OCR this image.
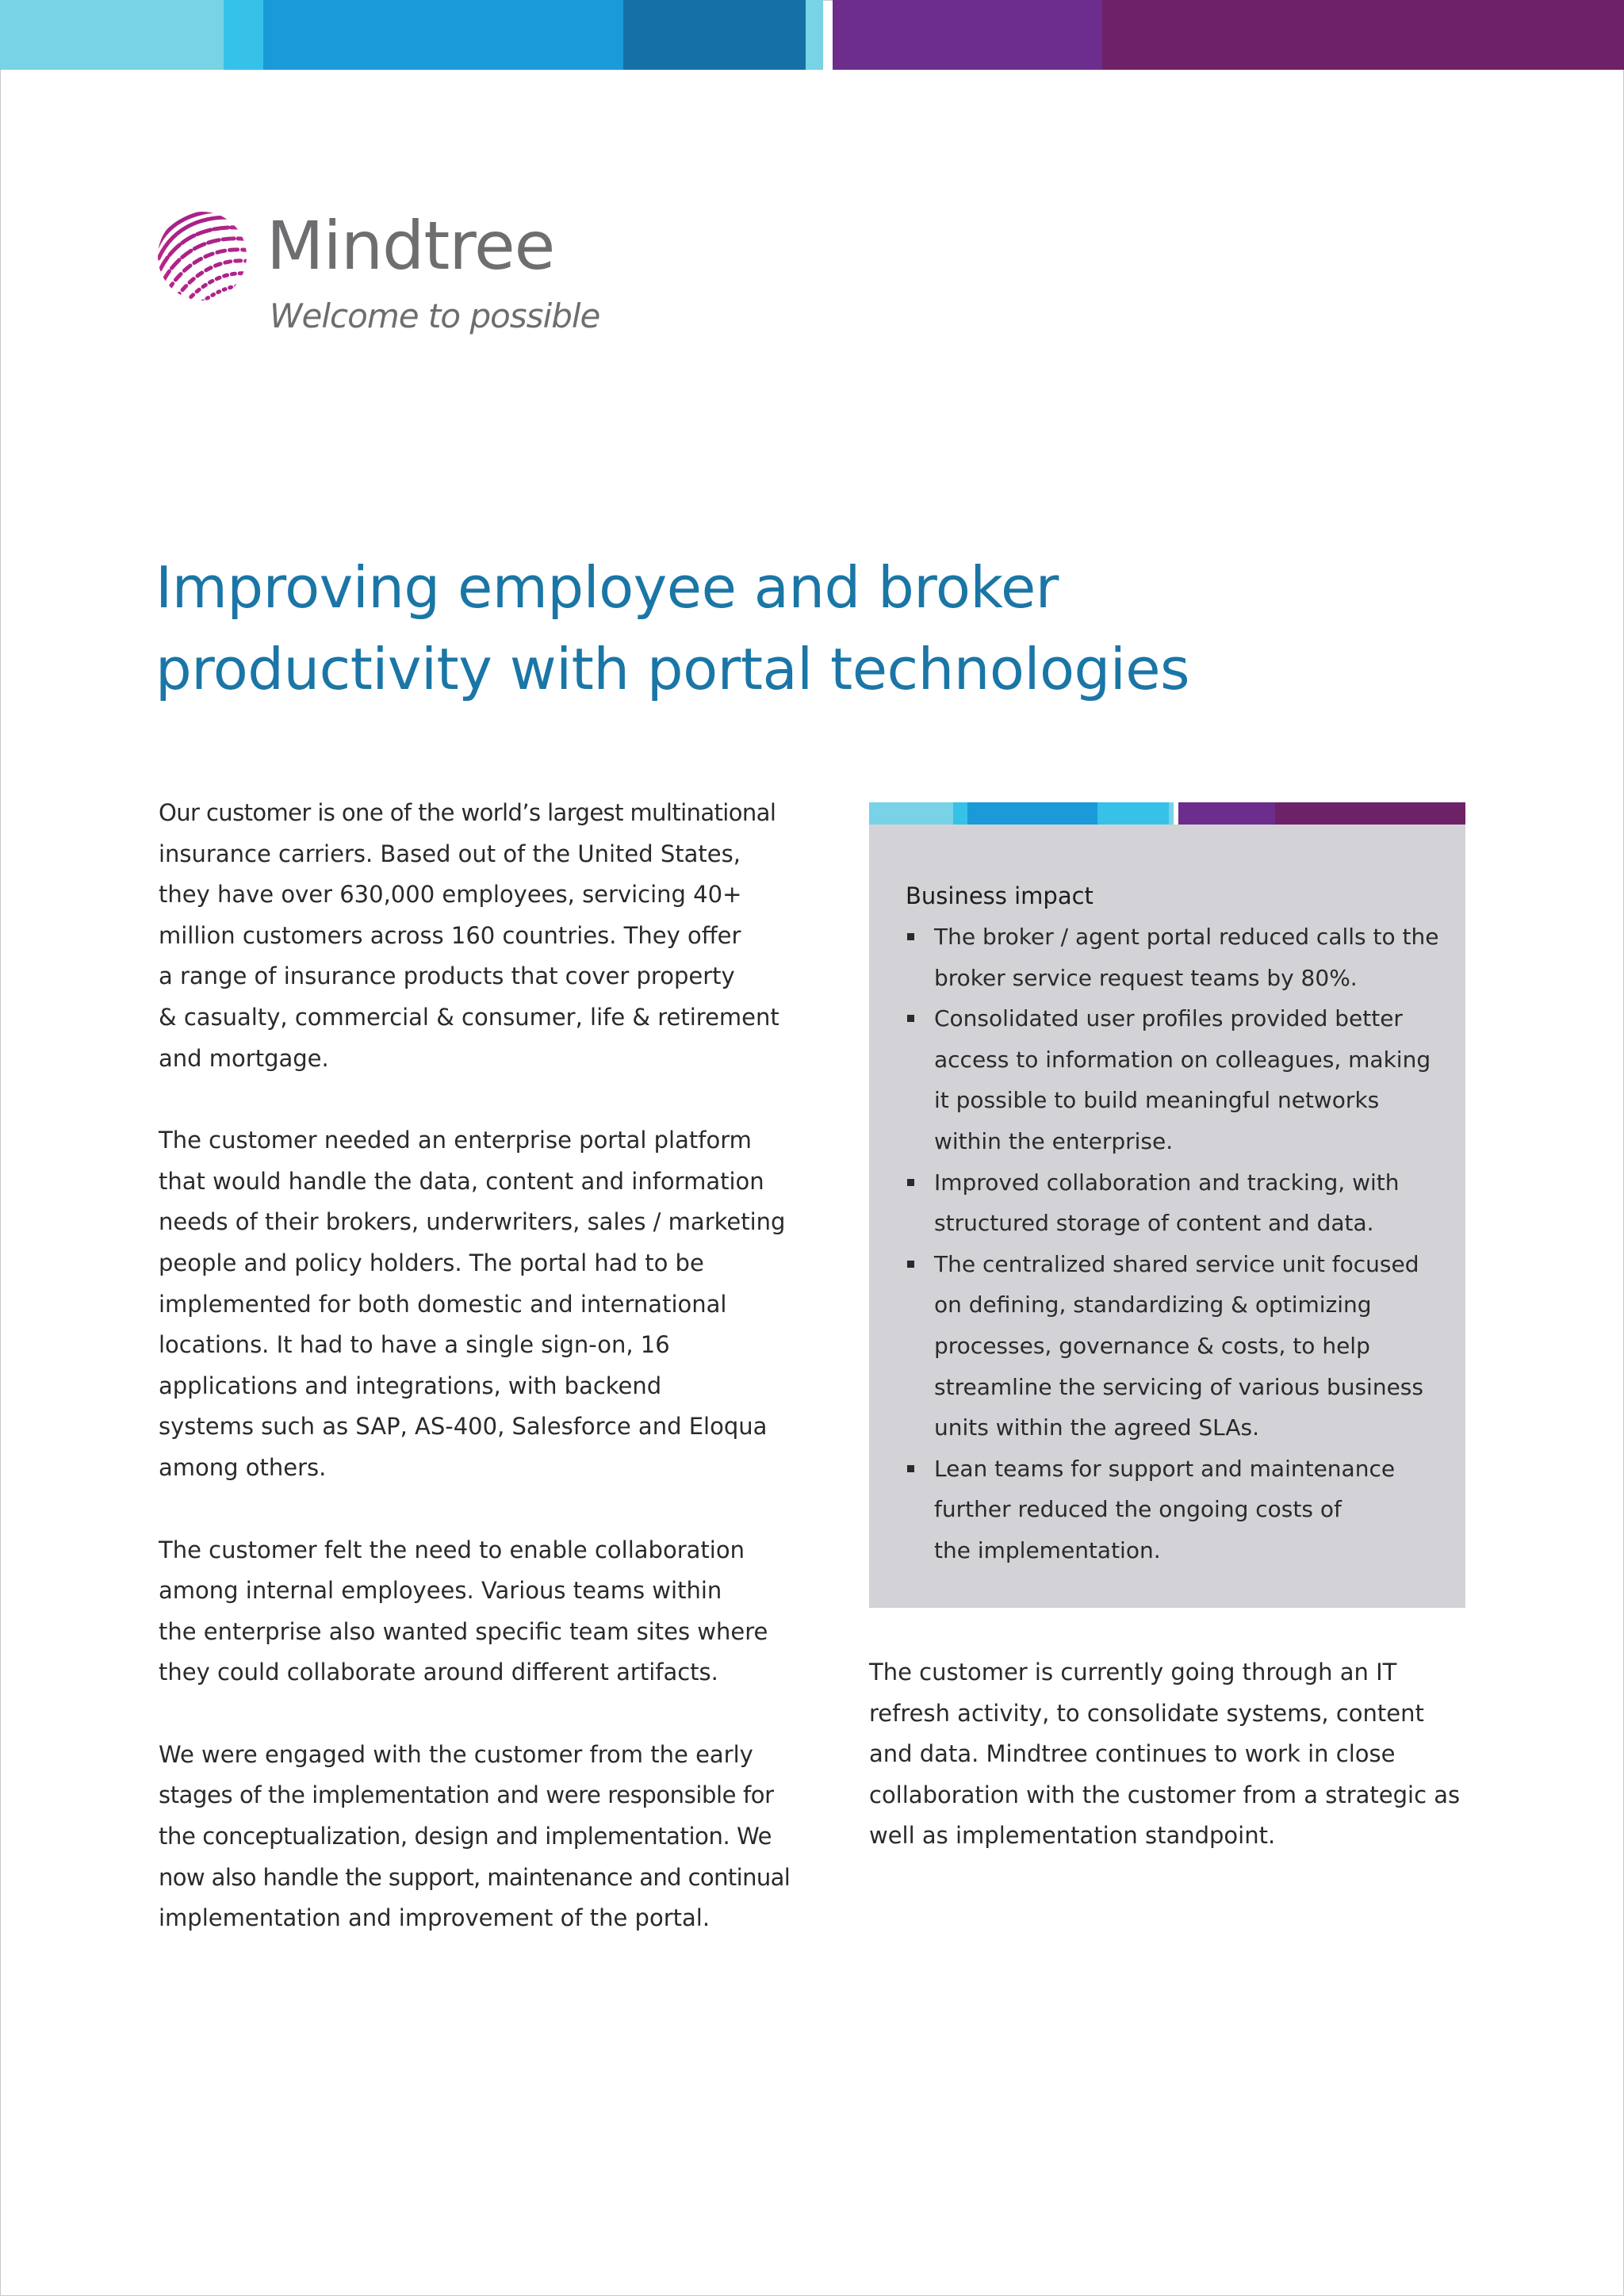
Mindtree
Welcome to possible
Improving employee and broker
productivity with portal technologies

Our customer is one of the world’s largest multinational
insurance carriers. Based out of the United States,
they have over 630,000 employees, servicing 40+
million customers across 160 countries. They offer
a range of insurance products that cover property
& casualty, commercial & consumer, life & retirement
and mortgage.

The customer needed an enterprise portal platform
that would handle the data, content and information
needs of their brokers, underwriters, sales / marketing
people and policy holders. The portal had to be
implemented for both domestic and international
locations. It had to have a single sign-on, 16
applications and integrations, with backend
systems such as SAP, AS-400, Salesforce and Eloqua
among others.

The customer felt the need to enable collaboration
among internal employees. Various teams within
the enterprise also wanted specific team sites where
they could collaborate around different artifacts.

We were engaged with the customer from the early
stages of the implementation and were responsible for
the conceptualization, design and implementation. We
now also handle the support, maintenance and continual
implementation and improvement of the portal.

Business impact

The broker / agent portal reduced calls to the
broker service request teams by 80%.
Consolidated user profiles provided better
access to information on colleagues, making
it possible to build meaningful networks
within the enterprise.
Improved collaboration and tracking, with
structured storage of content and data.
The centralized shared service unit focused
on defining, standardizing & optimizing
processes, governance & costs, to help
streamline the servicing of various business
units within the agreed SLAs.
Lean teams for support and maintenance
further reduced the ongoing costs of
the implementation.

The customer is currently going through an IT
refresh activity, to consolidate systems, content
and data. Mindtree continues to work in close
collaboration with the customer from a strategic as
well as implementation standpoint.
